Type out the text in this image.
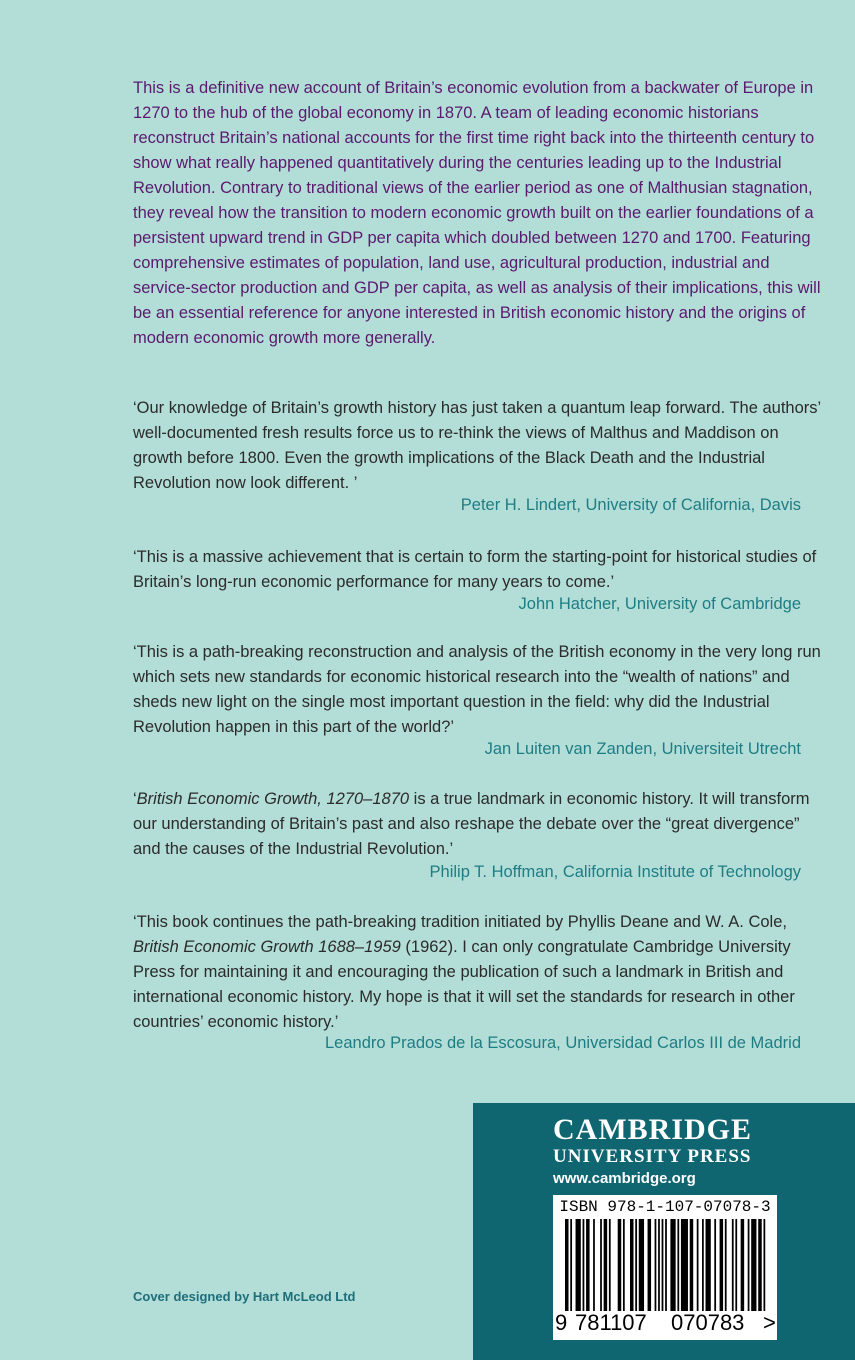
This is a definitive new account of Britain’s economic evolution from a backwater of Europe in 1270 to the hub of the global economy in 1870. A team of leading economic historians reconstruct Britain’s national accounts for the first time right back into the thirteenth century to show what really happened quantitatively during the centuries leading up to the Industrial Revolution. Contrary to traditional views of the earlier period as one of Malthusian stagnation, they reveal how the transition to modern economic growth built on the earlier foundations of a persistent upward trend in GDP per capita which doubled between 1270 and 1700. Featuring comprehensive estimates of population, land use, agricultural production, industrial and service-sector production and GDP per capita, as well as analysis of their implications, this will be an essential reference for anyone interested in British economic history and the origins of modern economic growth more generally.

‘Our knowledge of Britain’s growth history has just taken a quantum leap forward. The authors’ well-documented fresh results force us to re-think the views of Malthus and Maddison on growth before 1800. Even the growth implications of the Black Death and the Industrial Revolution now look different. ’

Peter H. Lindert, University of California, Davis

‘This is a massive achievement that is certain to form the starting-point for historical studies of Britain’s long-run economic performance for many years to come.’

John Hatcher, University of Cambridge

‘This is a path-breaking reconstruction and analysis of the British economy in the very long run which sets new standards for economic historical research into the “wealth of nations” and sheds new light on the single most important question in the field: why did the Industrial Revolution happen in this part of the world?’

Jan Luiten van Zanden, Universiteit Utrecht

‘British Economic Growth, 1270–1870 is a true landmark in economic history. It will transform our understanding of Britain’s past and also reshape the debate over the “great divergence” and the causes of the Industrial Revolution.’

Philip T. Hoffman, California Institute of Technology

‘This book continues the path-breaking tradition initiated by Phyllis Deane and W. A. Cole, British Economic Growth 1688–1959 (1962). I can only congratulate Cambridge University Press for maintaining it and encouraging the publication of such a landmark in British and international economic history. My hope is that it will set the standards for research in other countries’ economic history.’

Leandro Prados de la Escosura, Universidad Carlos III de Madrid
Cover designed by Hart McLeod Ltd
CAMBRIDGE
UNIVERSITY PRESS
www.cambridge.org
ISBN 978-1-107-07078-3
9 781107 070783 >
